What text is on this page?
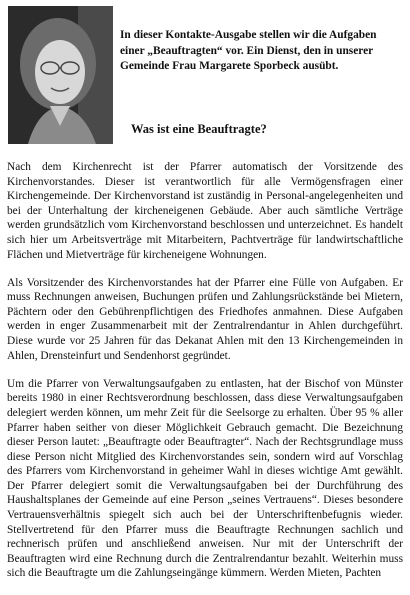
In dieser Kontakte-Ausgabe stellen wir die Aufgaben einer „Beauftragten“ vor. Ein Dienst, den in unserer Gemeinde Frau Margarete Sporbeck ausübt.
Was ist eine Beauftragte?

Nach dem Kirchenrecht ist der Pfarrer automatisch der Vorsitzende des Kirchenvorstandes. Dieser ist verantwortlich für alle Vermögensfragen einer Kirchengemeinde. Der Kirchenvorstand ist zuständig in Personal-angelegenheiten und bei der Unterhaltung der kircheneigenen Gebäude. Aber auch sämtliche Verträge werden grundsätzlich vom Kirchenvorstand beschlossen und unterzeichnet. Es handelt sich hier um Arbeitsverträge mit Mitarbeitern, Pachtverträge für landwirtschaftliche Flächen und Mietverträge für kircheneigene Wohnungen.

Als Vorsitzender des Kirchenvorstandes hat der Pfarrer eine Fülle von Aufgaben. Er muss Rechnungen anweisen, Buchungen prüfen und Zahlungsrückstände bei Mietern, Pächtern oder den Gebührenpflichtigen des Friedhofes anmahnen. Diese Aufgaben werden in enger Zusammenarbeit mit der Zentralrendantur in Ahlen durchgeführt. Diese wurde vor 25 Jahren für das Dekanat Ahlen mit den 13 Kirchengemeinden in Ahlen, Drensteinfurt und Sendenhorst gegründet.

Um die Pfarrer von Verwaltungsaufgaben zu entlasten, hat der Bischof von Münster bereits 1980 in einer Rechtsverordnung beschlossen, dass diese Verwaltungsaufgaben delegiert werden können, um mehr Zeit für die Seelsorge zu erhalten. Über 95 % aller Pfarrer haben seither von dieser Möglichkeit Gebrauch gemacht. Die Bezeichnung dieser Person lautet: „Beauftragte oder Beauftragter“. Nach der Rechtsgrundlage muss diese Person nicht Mitglied des Kirchenvorstandes sein, sondern wird auf Vorschlag des Pfarrers vom Kirchenvorstand in geheimer Wahl in dieses wichtige Amt gewählt. Der Pfarrer delegiert somit die Verwaltungsaufgaben bei der Durchführung des Haushaltsplanes der Gemeinde auf eine Person „seines Vertrauens“. Dieses besondere Vertrauensverhältnis spiegelt sich auch bei der Unterschriftenbefugnis wieder. Stellvertretend für den Pfarrer muss die Beauftragte Rechnungen sachlich und rechnerisch prüfen und anschließend anweisen. Nur mit der Unterschrift der Beauftragten wird eine Rechnung durch die Zentralrendantur bezahlt. Weiterhin muss sich die Beauftragte um die Zahlungseingänge kümmern. Werden Mieten, Pachten
